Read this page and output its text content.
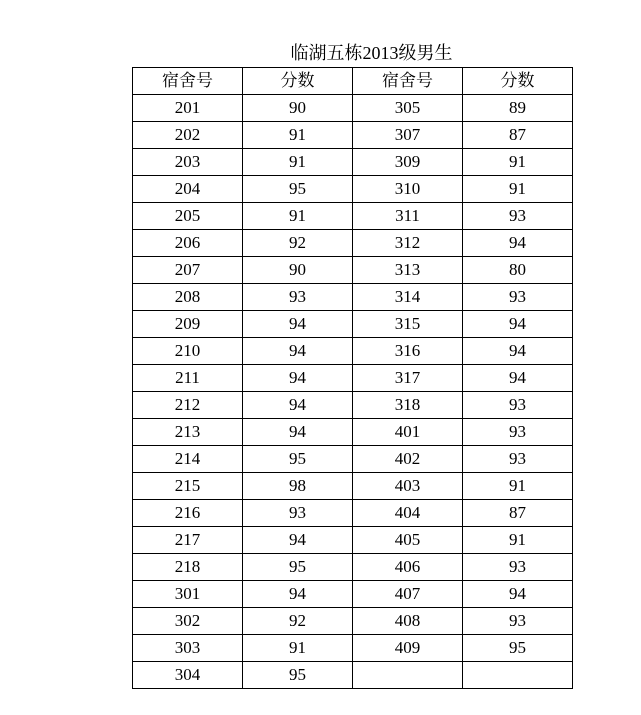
临湖五栋2013级男生
宿舍号	分数	宿舍号	分数
201	90	305	89
202	91	307	87
203	91	309	91
204	95	310	91
205	91	311	93
206	92	312	94
207	90	313	80
208	93	314	93
209	94	315	94
210	94	316	94
211	94	317	94
212	94	318	93
213	94	401	93
214	95	402	93
215	98	403	91
216	93	404	87
217	94	405	91
218	95	406	93
301	94	407	94
302	92	408	93
303	91	409	95
304	95		
